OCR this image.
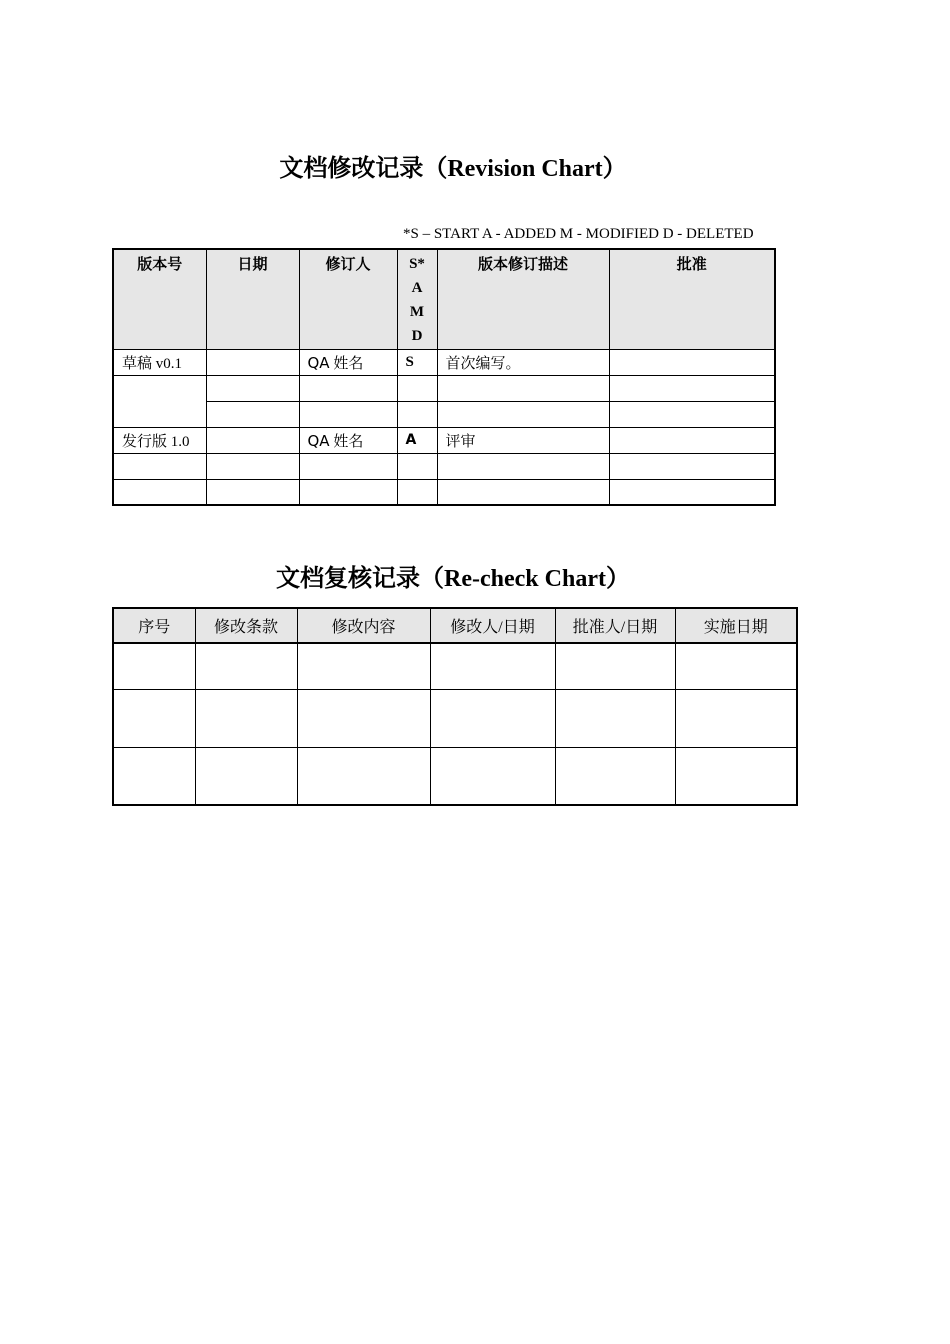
文档修改记录（Revision Chart）
*S – START A - ADDED M - MODIFIED D - DELETED
版本号	日期	修订人	S*
A
M
D	版本修订描述	批准
草稿 v0.1		QA 姓名	S	首次编写。	

发行版 1.0		QA 姓名	A	评审	

文档复核记录（Re-check Chart）
序号	修改条款	修改内容	修改人/日期	批准人/日期	实施日期
